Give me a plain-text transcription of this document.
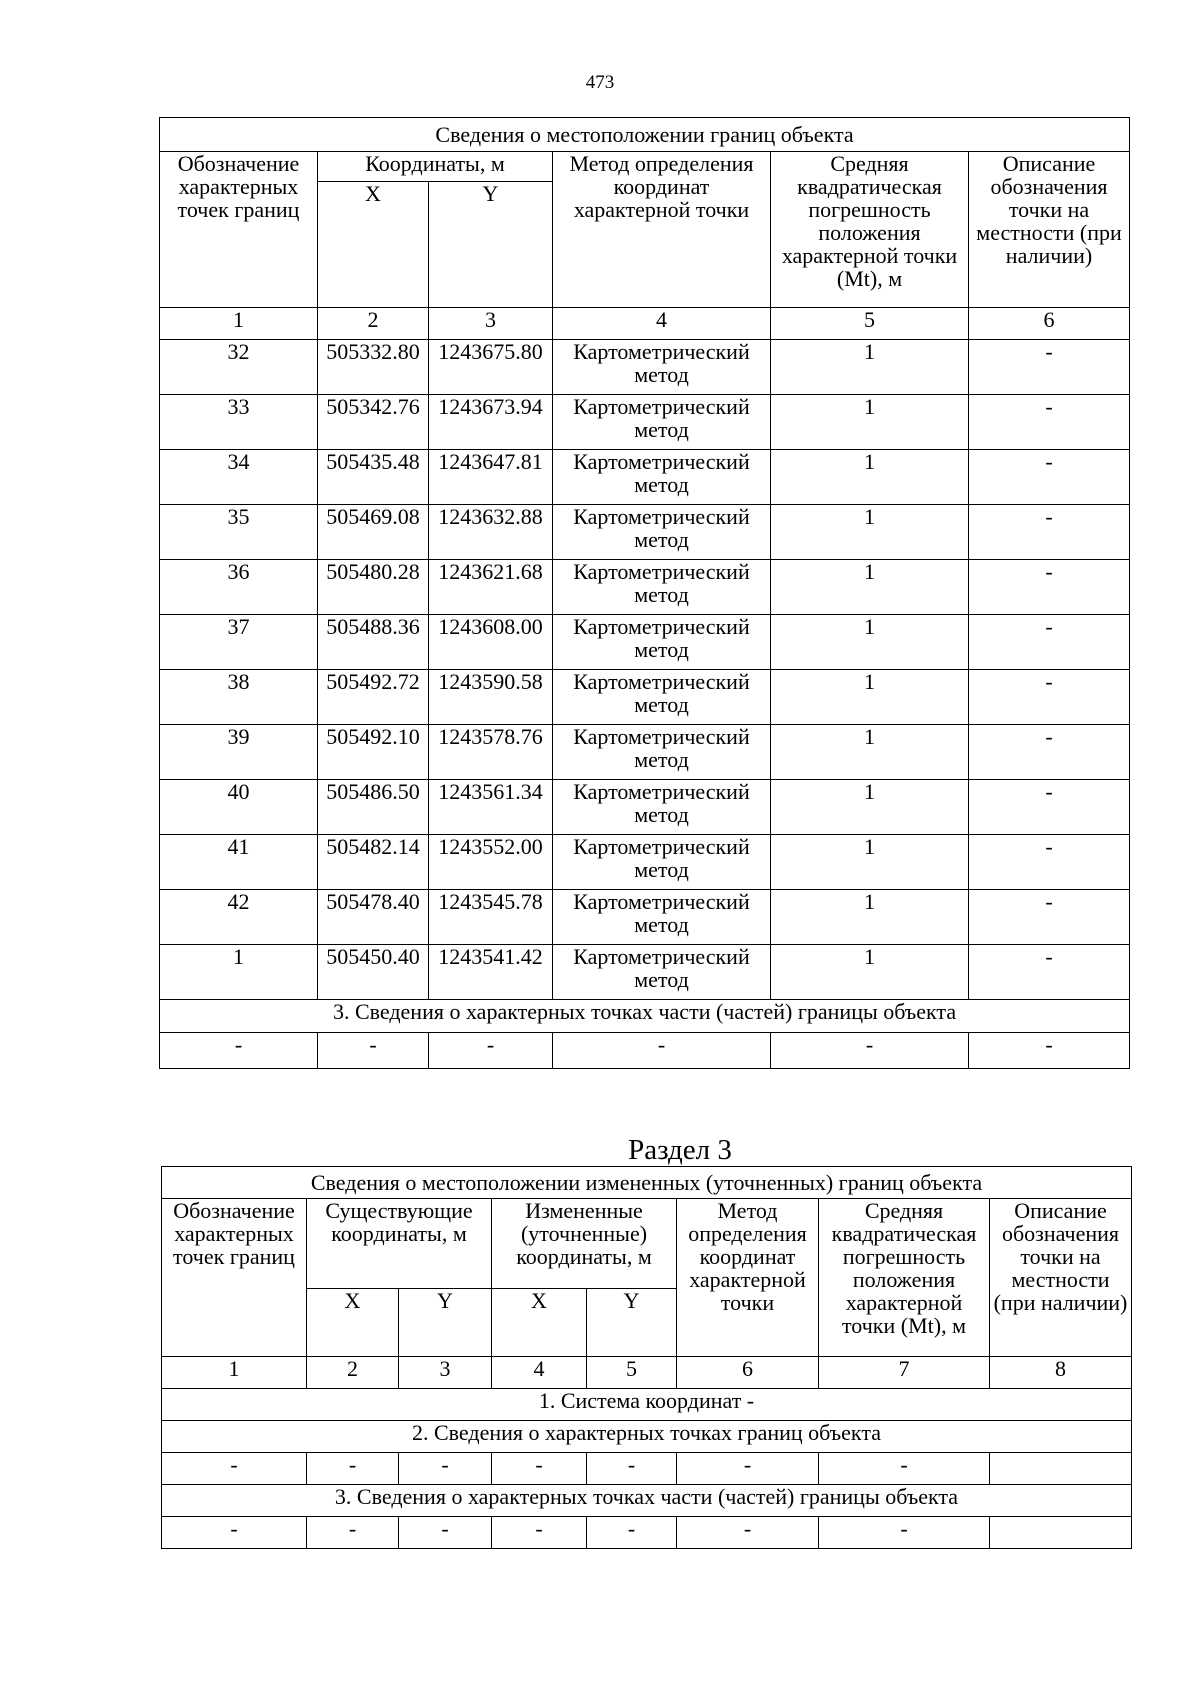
473
Сведения о местоположении границ объекта					
Обозначение характерных точек границ	Координаты, м		Метод определения координат характерной точки	Средняя квадратическая погрешность положения характерной точки (Mt), м	Описание обозначения точки на местности (при наличии)
	X	Y			
1	2	3	4	5	6
32	505332.80	1243675.80	Картометрический метод	1	-
33	505342.76	1243673.94	Картометрический метод	1	-
34	505435.48	1243647.81	Картометрический метод	1	-
35	505469.08	1243632.88	Картометрический метод	1	-
36	505480.28	1243621.68	Картометрический метод	1	-
37	505488.36	1243608.00	Картометрический метод	1	-
38	505492.72	1243590.58	Картометрический метод	1	-
39	505492.10	1243578.76	Картометрический метод	1	-
40	505486.50	1243561.34	Картометрический метод	1	-
41	505482.14	1243552.00	Картометрический метод	1	-
42	505478.40	1243545.78	Картометрический метод	1	-
1	505450.40	1243541.42	Картометрический метод	1	-
3. Сведения о характерных точках части (частей) границы объекта					
-	-	-	-	-	-
Раздел 3
Сведения о местоположении измененных (уточненных) границ объекта							
Обозначение характерных точек границ	Существующие координаты, м		Измененные (уточненные) координаты, м		Метод определения координат характерной точки	Средняя квадратическая погрешность положения характерной точки (Mt), м	Описание обозначения точки на местности (при наличии)
	X	Y	X	Y			
1	2	3	4	5	6	7	8
1. Система координат -							
2. Сведения о характерных точках границ объекта							
-	-	-	-	-	-	-	
3. Сведения о характерных точках части (частей) границы объекта							
-	-	-	-	-	-	-	
